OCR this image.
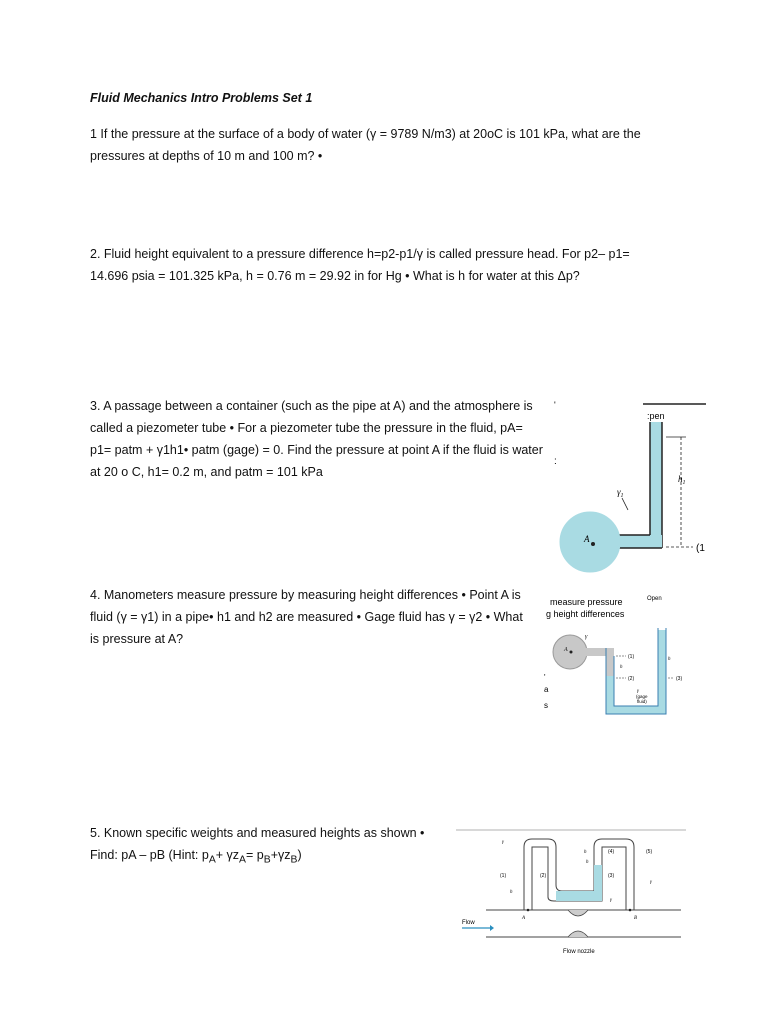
Fluid Mechanics Intro Problems Set 1
1 If the pressure at the surface of a body of water (γ = 9789 N/m3) at 20oC is 101 kPa, what are the pressures at depths of 10 m and 100 m? •
2. Fluid height equivalent to a pressure difference h=p2-p1/γ is called pressure head. For p2– p1= 14.696 psia = 101.325 kPa, h = 0.76 m = 29.92 in for Hg • What is h for water at this Δp?
3. A passage between a container (such as the pipe at A) and the atmosphere is called a piezometer tube • For a piezometer tube the pressure in the fluid, pA= p1= patm + γ1h1• patm (gage) = 0. Find the pressure at point A if the fluid is water at 20 o C, h1= 0.2 m, and patm = 101 kPa
4. Manometers measure pressure by measuring height differences • Point A is fluid (γ = γ1) in a pipe• h1 and h2 are measured • Gage fluid has γ = γ2 • What is pressure at A?
5. Known specific weights and measured heights as shown • Find: pA – pB (Hint: $p_A+ \gamma z_A= p_B+\gamma z_B$)
:pen
'
:
A
$\gamma_1$
$h_1$
(1
measure pressure
g height differences
Open
A
γ
(1)
(2)	(3)
h
h
γ
(gage
fluid)
'
a
s
Flow
Flow nozzle
A	B
(1)	(2)	(3)
(4)	(5)
γ
γ
γ
h
h
h
